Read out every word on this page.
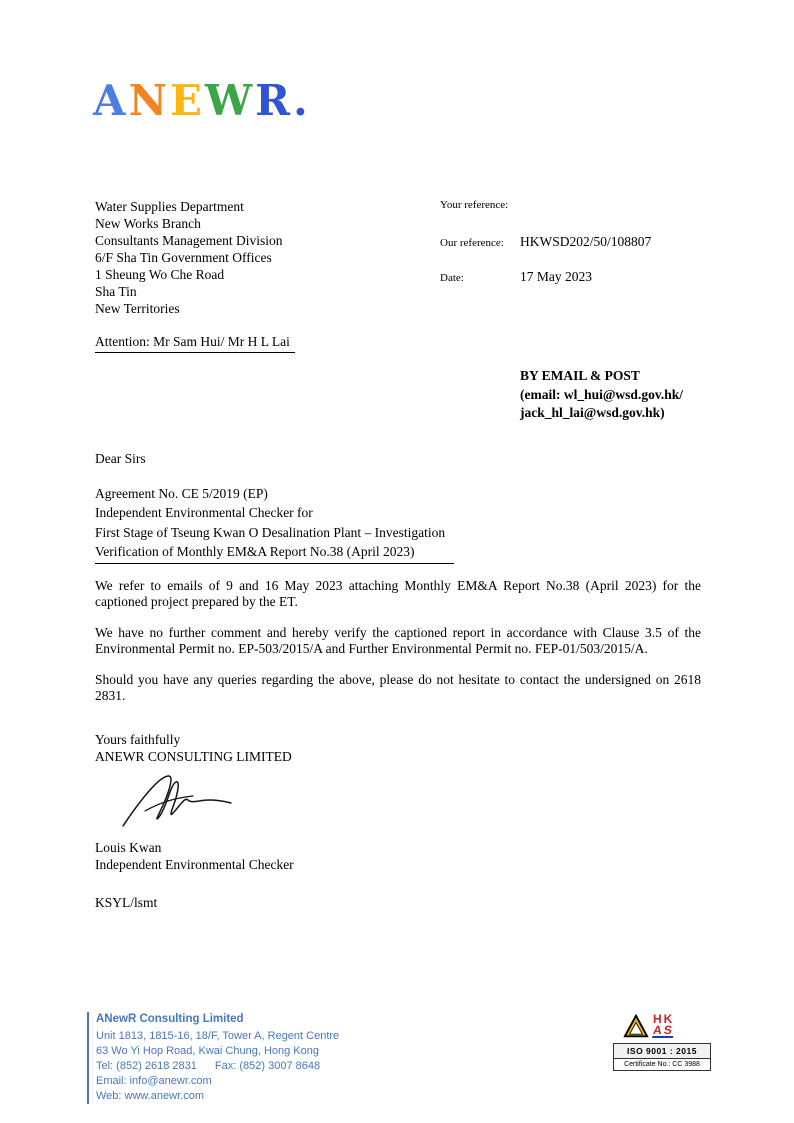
ANEWR.
Water Supplies Department
New Works Branch
Consultants Management Division
6/F Sha Tin Government Offices
1 Sheung Wo Che Road
Sha Tin
New Territories
Your reference:
Our reference:	HKWSD202/50/108807
Date:	17 May 2023
Attention: Mr Sam Hui/ Mr H L Lai
BY EMAIL & POST
(email: wl_hui@wsd.gov.hk/
jack_hl_lai@wsd.gov.hk)
Dear Sirs
Agreement No. CE 5/2019 (EP)
Independent Environmental Checker for
First Stage of Tseung Kwan O Desalination Plant – Investigation
Verification of Monthly EM&A Report No.38 (April 2023)

We refer to emails of 9 and 16 May 2023 attaching Monthly EM&A Report No.38 (April 2023) for the captioned project prepared by the ET.

We have no further comment and hereby verify the captioned report in accordance with Clause 3.5 of the Environmental Permit no. EP-503/2015/A and Further Environmental Permit no. FEP-01/503/2015/A.

Should you have any queries regarding the above, please do not hesitate to contact the undersigned on 2618 2831.

Yours faithfully
ANEWR CONSULTING LIMITED
Louis Kwan
Independent Environmental Checker
KSYL/lsmt
ANewR Consulting Limited
Unit 1813, 1815-16, 18/F, Tower A, Regent Centre
63 Wo Yi Hop Road, Kwai Chung, Hong Kong
Tel: (852) 2618 2831 Fax: (852) 3007 8648
Email: info@anewr.com
Web: www.anewr.com
HK
AS
ISO 9001 : 2015
Certificate No.: CC 3988
